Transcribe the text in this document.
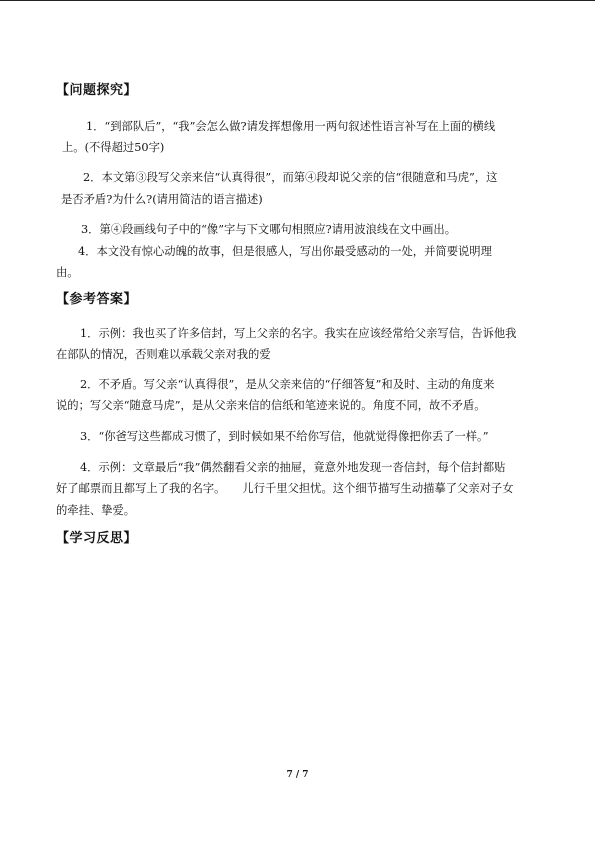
【问题探究】
1．“到部队后”，“我”会怎么做?请发挥想像用一两句叙述性语言补写在上面的横线
上。(不得超过50字)
2．本文第③段写父亲来信“认真得很”，而第④段却说父亲的信“很随意和马虎”，这
是否矛盾?为什么?(请用简洁的语言描述)
3．第④段画线句子中的“像”字与下文哪句相照应?请用波浪线在文中画出。
4．本文没有惊心动魄的故事，但是很感人，写出你最受感动的一处，并简要说明理
由。
【参考答案】
1．示例：我也买了许多信封，写上父亲的名字。我实在应该经常给父亲写信，告诉他我
在部队的情况，否则难以承载父亲对我的爱
2．不矛盾。写父亲“认真得很”，是从父亲来信的“仔细答复”和及时、主动的角度来
说的；写父亲“随意马虎”，是从父亲来信的信纸和笔迹来说的。角度不同，故不矛盾。
3．“你爸写这些都成习惯了，到时候如果不给你写信，他就觉得像把你丢了一样。”
4．示例：文章最后“我”偶然翻看父亲的抽屉，竟意外地发现一沓信封，每个信封都贴
好了邮票而且都写上了我的名字。　　儿行千里父担忧。这个细节描写生动描摹了父亲对子女
的牵挂、挚爱。
【学习反思】
7 / 7
